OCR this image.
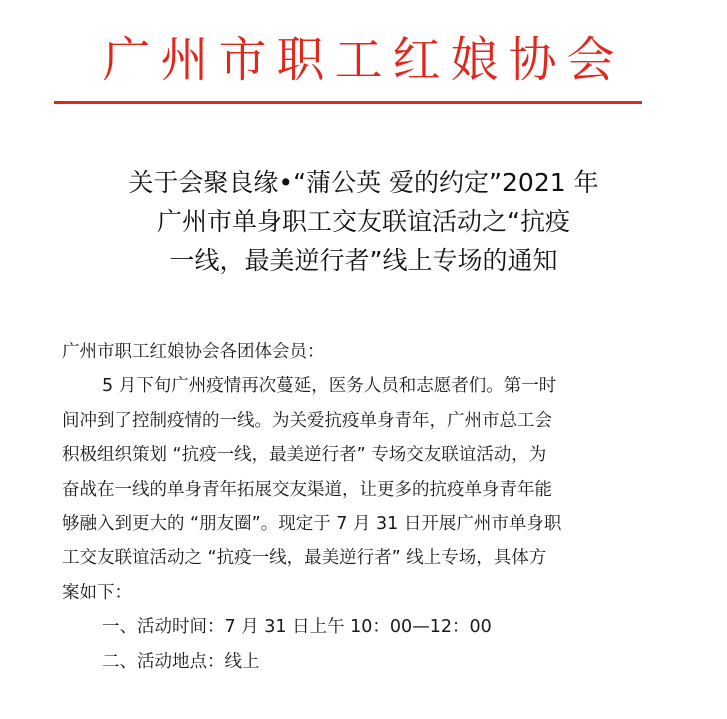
广州市职工红娘协会
关于会聚良缘•“蒲公英 爱的约定”2021 年
广州市单身职工交友联谊活动之“抗疫
一线，最美逆行者”线上专场的通知
广州市职工红娘协会各团体会员：
5 月下旬广州疫情再次蔓延，医务人员和志愿者们。第一时
间冲到了控制疫情的一线。为关爱抗疫单身青年，广州市总工会
积极组织策划 “抗疫一线，最美逆行者” 专场交友联谊活动，为
奋战在一线的单身青年拓展交友渠道，让更多的抗疫单身青年能
够融入到更大的 “朋友圈”。现定于 7 月 31 日开展广州市单身职
工交友联谊活动之 “抗疫一线，最美逆行者” 线上专场，具体方
案如下：
一、活动时间：7 月 31 日上午 10：00—12：00
二、活动地点：线上
